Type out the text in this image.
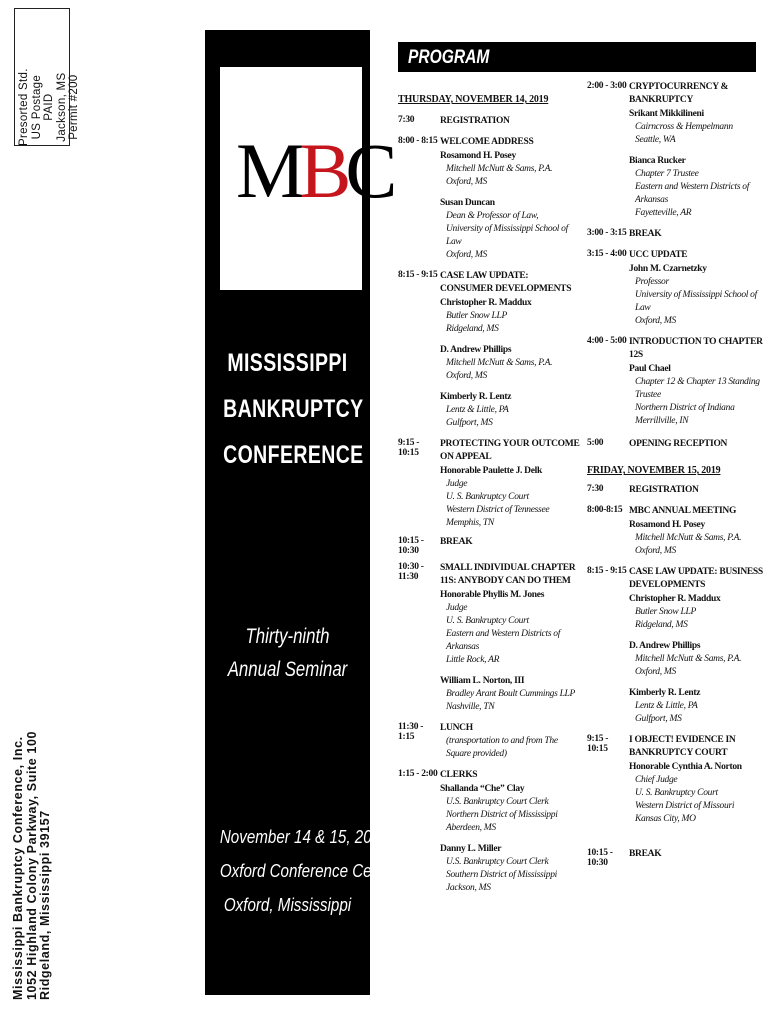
Presorted Std. US Postage PAID Jackson, MS Permit #200
Mississippi Bankruptcy Conference, Inc. 1052 Highland Colony Parkway, Suite 100 Ridgeland, Mississippi 39157
MBC
MISSISSIPPI
BANKRUPTCY
CONFERENCE
Thirty-ninth
Annual Seminar
November 14 & 15, 2019
Oxford Conference Center
Oxford, Mississippi
PROGRAM
THURSDAY, NOVEMBER 14, 2019
7:30	REGISTRATION
8:00 - 8:15 WELCOME ADDRESS
Rosamond H. Posey
Mitchell McNutt & Sams, P.A.
Oxford, MS
Susan Duncan
Dean & Professor of Law,
University of Mississippi School of Law
Oxford, MS
8:15 - 9:15 CASE LAW UPDATE: CONSUMER DEVELOPMENTS
Christopher R. Maddux
Butler Snow LLP
Ridgeland, MS
D. Andrew Phillips
Mitchell McNutt & Sams, P.A.
Oxford, MS
Kimberly R. Lentz
Lentz & Little, PA
Gulfport, MS
9:15 - 10:15
PROTECTING YOUR OUTCOME ON APPEAL
Honorable Paulette J. Delk
Judge
U. S. Bankruptcy Court
Western District of Tennessee
Memphis, TN
10:15 - 10:30
BREAK
10:30 - 11:30
SMALL INDIVIDUAL CHAPTER 11S: ANYBODY CAN DO THEM
Honorable Phyllis M. Jones
Judge
U. S. Bankruptcy Court
Eastern and Western Districts of Arkansas
Little Rock, AR
William L. Norton, III
Bradley Arant Boult Cummings LLP
Nashville, TN
11:30 - 1:15
LUNCH
(transportation to and from The Square provided)
1:15 - 2:00 CLERKS
Shallanda “Che” Clay
U.S. Bankruptcy Court Clerk
Northern District of Mississippi
Aberdeen, MS
Danny L. Miller
U.S. Bankruptcy Court Clerk
Southern District of Mississippi
Jackson, MS
2:00 - 3:00 CRYPTOCURRENCY & BANKRUPTCY
Srikant Mikkilineni
Cairncross & Hempelmann
Seattle, WA
Bianca Rucker
Chapter 7 Trustee
Eastern and Western Districts of Arkansas
Fayetteville, AR
3:00 - 3:15 BREAK
3:15 - 4:00 UCC UPDATE
John M. Czarnetzky
Professor
University of Mississippi School of Law
Oxford, MS
4:00 - 5:00 INTRODUCTION TO CHAPTER 12S
Paul Chael
Chapter 12 & Chapter 13 Standing Trustee
Northern District of Indiana
Merrillville, IN
5:00	OPENING RECEPTION
FRIDAY, NOVEMBER 15, 2019
7:30	REGISTRATION
8:00-8:15 MBC ANNUAL MEETING
Rosamond H. Posey
Mitchell McNutt & Sams, P.A.
Oxford, MS
8:15 - 9:15 CASE LAW UPDATE: BUSINESS DEVELOPMENTS
Christopher R. Maddux
Butler Snow LLP
Ridgeland, MS
D. Andrew Phillips
Mitchell McNutt & Sams, P.A.
Oxford, MS
Kimberly R. Lentz
Lentz & Little, PA
Gulfport, MS
9:15 - 10:15
I OBJECT! EVIDENCE IN BANKRUPTCY COURT
Honorable Cynthia A. Norton
Chief Judge
U. S. Bankruptcy Court
Western District of Missouri
Kansas City, MO
10:15 - 10:30
BREAK
